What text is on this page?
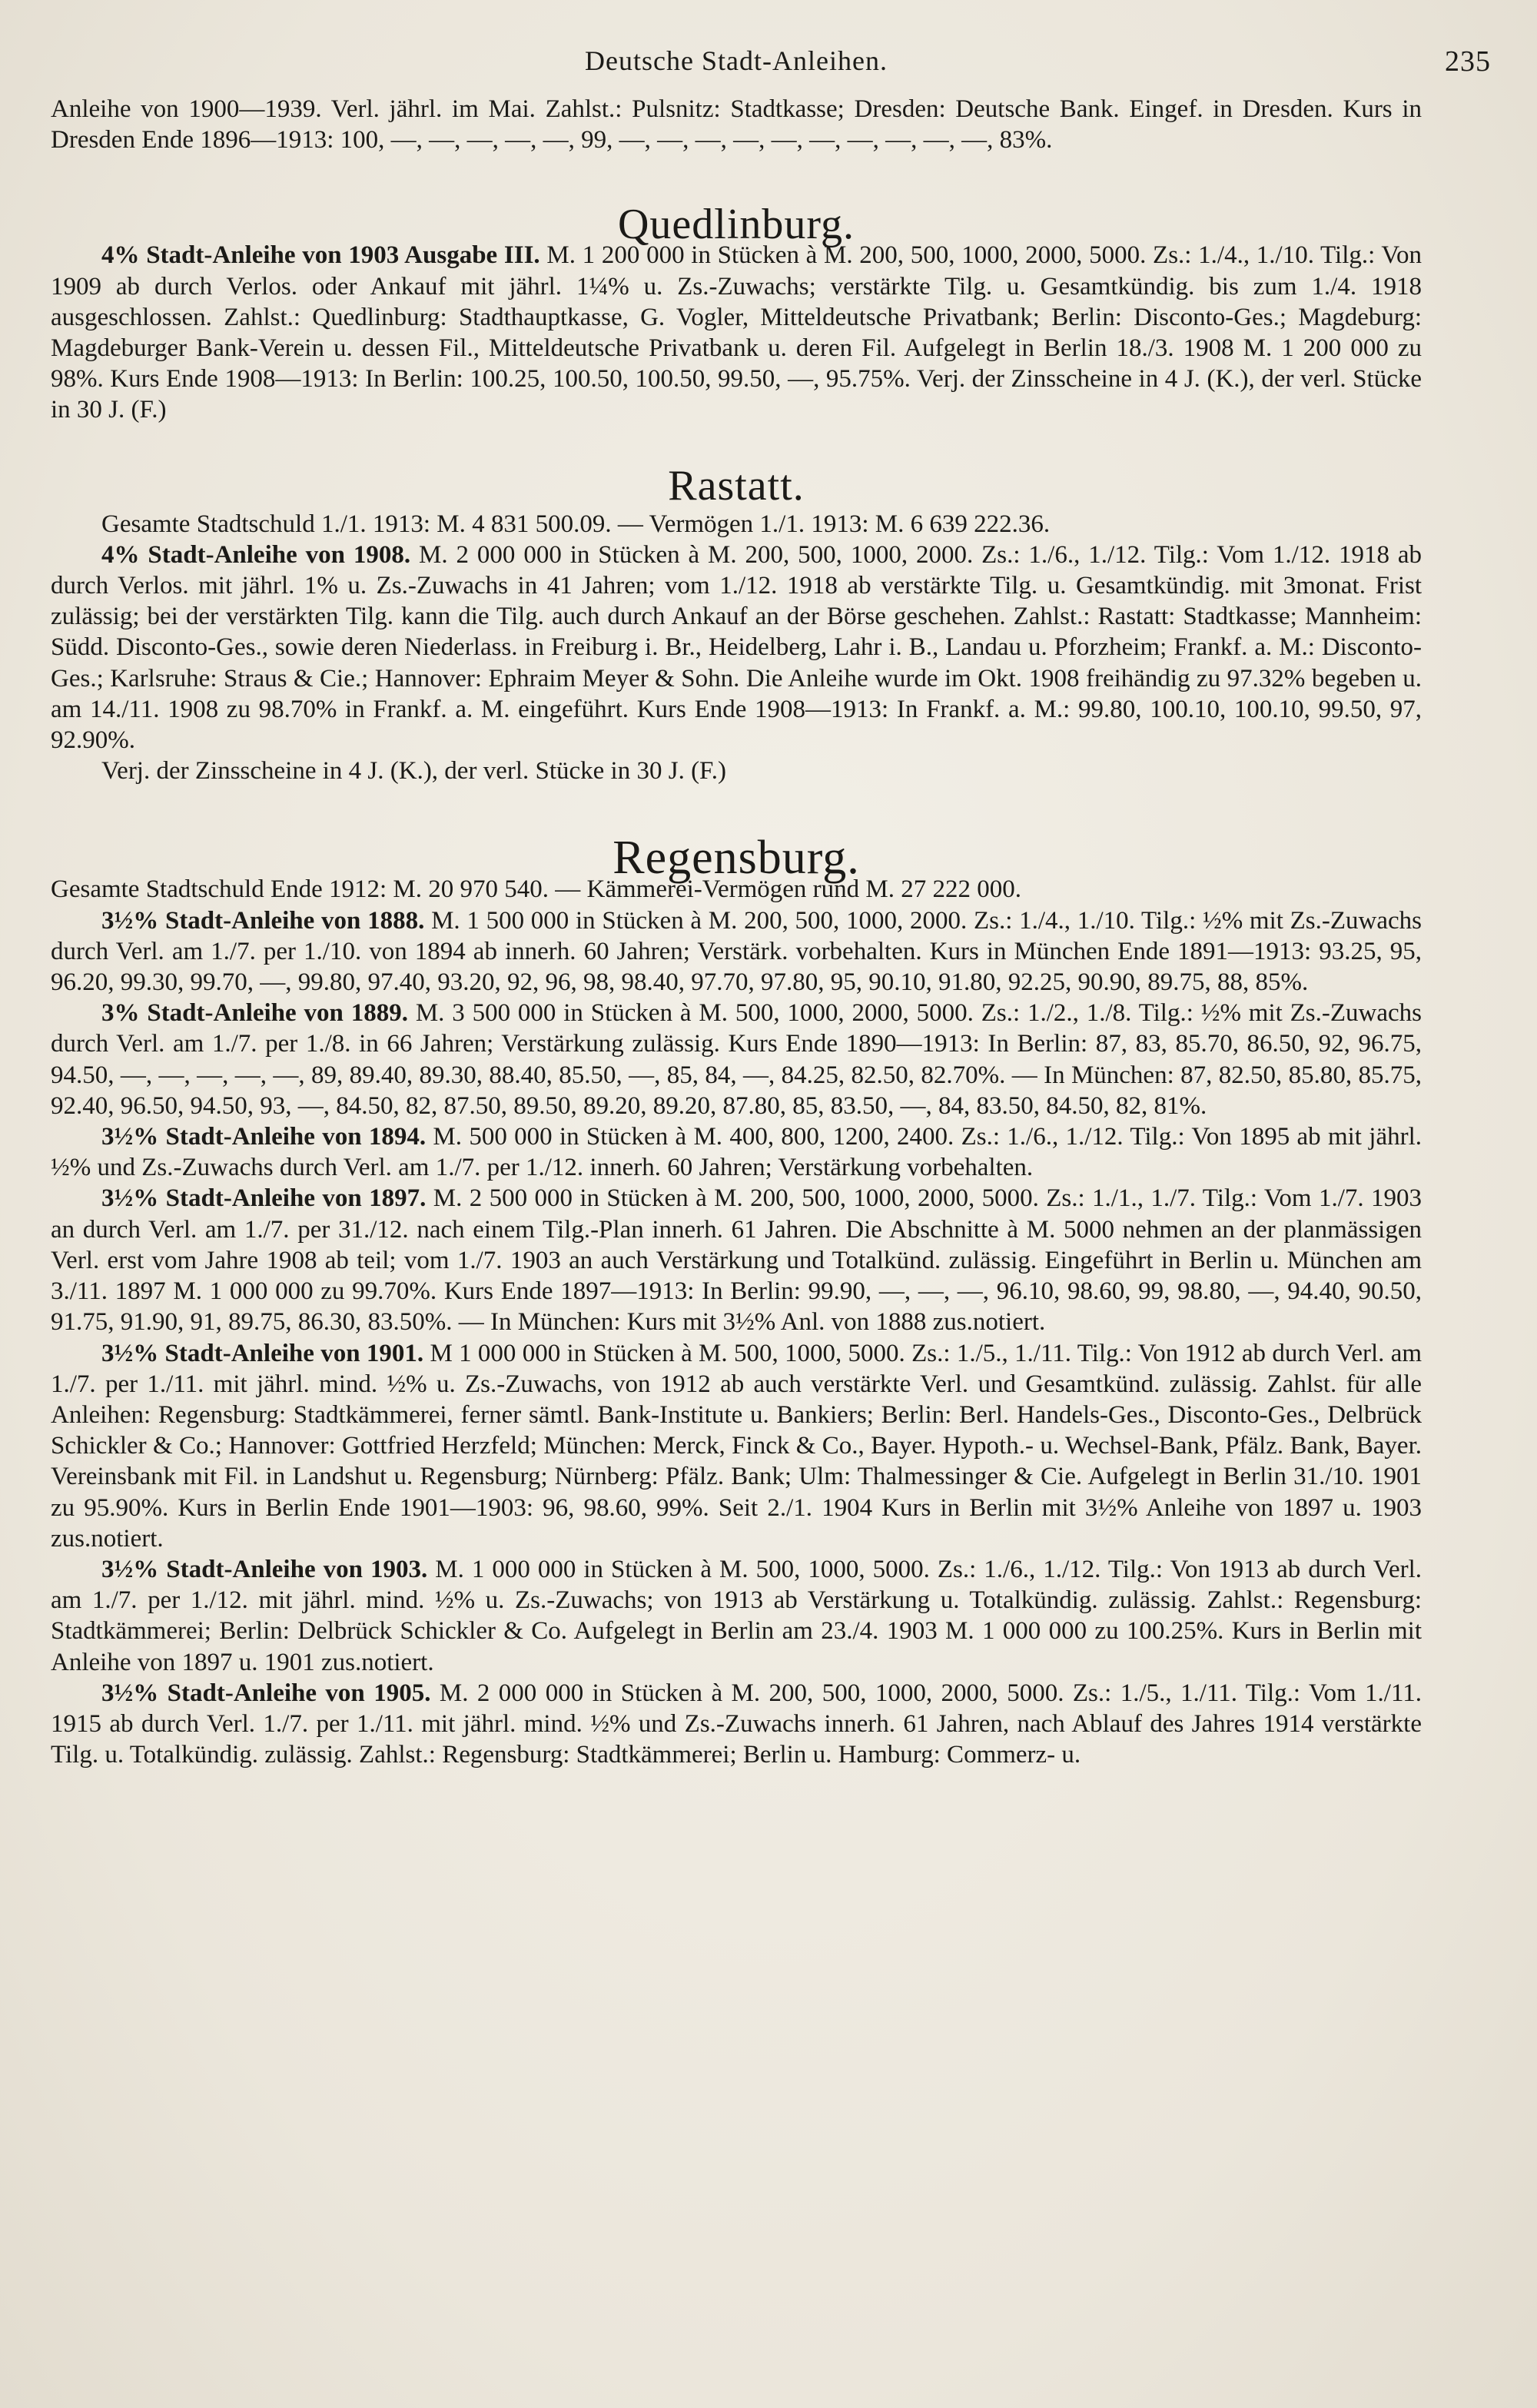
Deutsche Stadt-Anleihen.	235

Anleihe von 1900—1939. Verl. jährl. im Mai. Zahlst.: Pulsnitz: Stadtkasse; Dresden: Deutsche Bank. Eingef. in Dresden. Kurs in Dresden Ende 1896—1913: 100, —, —, —, —, —, 99, —, —, —, —, —, —, —, —, —, —, 83%.

Quedlinburg.

4% Stadt-Anleihe von 1903 Ausgabe III. M. 1 200 000 in Stücken à M. 200, 500, 1000, 2000, 5000. Zs.: 1./4., 1./10. Tilg.: Von 1909 ab durch Verlos. oder Ankauf mit jährl. 1¼% u. Zs.-Zuwachs; verstärkte Tilg. u. Gesamtkündig. bis zum 1./4. 1918 ausgeschlossen. Zahlst.: Quedlinburg: Stadthauptkasse, G. Vogler, Mitteldeutsche Privatbank; Berlin: Disconto-Ges.; Magdeburg: Magdeburger Bank-Verein u. dessen Fil., Mitteldeutsche Privatbank u. deren Fil. Aufgelegt in Berlin 18./3. 1908 M. 1 200 000 zu 98%. Kurs Ende 1908—1913: In Berlin: 100.25, 100.50, 100.50, 99.50, —, 95.75%. Verj. der Zinsscheine in 4 J. (K.), der verl. Stücke in 30 J. (F.)

Rastatt.

Gesamte Stadtschuld 1./1. 1913: M. 4 831 500.09. — Vermögen 1./1. 1913: M. 6 639 222.36.

4% Stadt-Anleihe von 1908. M. 2 000 000 in Stücken à M. 200, 500, 1000, 2000. Zs.: 1./6., 1./12. Tilg.: Vom 1./12. 1918 ab durch Verlos. mit jährl. 1% u. Zs.-Zuwachs in 41 Jahren; vom 1./12. 1918 ab verstärkte Tilg. u. Gesamtkündig. mit 3monat. Frist zulässig; bei der verstärkten Tilg. kann die Tilg. auch durch Ankauf an der Börse geschehen. Zahlst.: Rastatt: Stadtkasse; Mannheim: Südd. Disconto-Ges., sowie deren Niederlass. in Freiburg i. Br., Heidelberg, Lahr i. B., Landau u. Pforzheim; Frankf. a. M.: Disconto-Ges.; Karlsruhe: Straus & Cie.; Hannover: Ephraim Meyer & Sohn. Die Anleihe wurde im Okt. 1908 freihändig zu 97.32% begeben u. am 14./11. 1908 zu 98.70% in Frankf. a. M. eingeführt. Kurs Ende 1908—1913: In Frankf. a. M.: 99.80, 100.10, 100.10, 99.50, 97, 92.90%.

Verj. der Zinsscheine in 4 J. (K.), der verl. Stücke in 30 J. (F.)

Regensburg.

Gesamte Stadtschuld Ende 1912: M. 20 970 540. — Kämmerei-Vermögen rund M. 27 222 000.

3½% Stadt-Anleihe von 1888. M. 1 500 000 in Stücken à M. 200, 500, 1000, 2000. Zs.: 1./4., 1./10. Tilg.: ½% mit Zs.-Zuwachs durch Verl. am 1./7. per 1./10. von 1894 ab innerh. 60 Jahren; Verstärk. vorbehalten. Kurs in München Ende 1891—1913: 93.25, 95, 96.20, 99.30, 99.70, —, 99.80, 97.40, 93.20, 92, 96, 98, 98.40, 97.70, 97.80, 95, 90.10, 91.80, 92.25, 90.90, 89.75, 88, 85%.

3% Stadt-Anleihe von 1889. M. 3 500 000 in Stücken à M. 500, 1000, 2000, 5000. Zs.: 1./2., 1./8. Tilg.: ½% mit Zs.-Zuwachs durch Verl. am 1./7. per 1./8. in 66 Jahren; Verstärkung zulässig. Kurs Ende 1890—1913: In Berlin: 87, 83, 85.70, 86.50, 92, 96.75, 94.50, —, —, —, —, —, 89, 89.40, 89.30, 88.40, 85.50, —, 85, 84, —, 84.25, 82.50, 82.70%. — In München: 87, 82.50, 85.80, 85.75, 92.40, 96.50, 94.50, 93, —, 84.50, 82, 87.50, 89.50, 89.20, 89.20, 87.80, 85, 83.50, —, 84, 83.50, 84.50, 82, 81%.

3½% Stadt-Anleihe von 1894. M. 500 000 in Stücken à M. 400, 800, 1200, 2400. Zs.: 1./6., 1./12. Tilg.: Von 1895 ab mit jährl. ½% und Zs.-Zuwachs durch Verl. am 1./7. per 1./12. innerh. 60 Jahren; Verstärkung vorbehalten.

3½% Stadt-Anleihe von 1897. M. 2 500 000 in Stücken à M. 200, 500, 1000, 2000, 5000. Zs.: 1./1., 1./7. Tilg.: Vom 1./7. 1903 an durch Verl. am 1./7. per 31./12. nach einem Tilg.-Plan innerh. 61 Jahren. Die Abschnitte à M. 5000 nehmen an der planmässigen Verl. erst vom Jahre 1908 ab teil; vom 1./7. 1903 an auch Verstärkung und Totalkünd. zulässig. Eingeführt in Berlin u. München am 3./11. 1897 M. 1 000 000 zu 99.70%. Kurs Ende 1897—1913: In Berlin: 99.90, —, —, —, 96.10, 98.60, 99, 98.80, —, 94.40, 90.50, 91.75, 91.90, 91, 89.75, 86.30, 83.50%. — In München: Kurs mit 3½% Anl. von 1888 zus.notiert.

3½% Stadt-Anleihe von 1901. M 1 000 000 in Stücken à M. 500, 1000, 5000. Zs.: 1./5., 1./11. Tilg.: Von 1912 ab durch Verl. am 1./7. per 1./11. mit jährl. mind. ½% u. Zs.-Zuwachs, von 1912 ab auch verstärkte Verl. und Gesamtkünd. zulässig. Zahlst. für alle Anleihen: Regensburg: Stadtkämmerei, ferner sämtl. Bank-Institute u. Bankiers; Berlin: Berl. Handels-Ges., Disconto-Ges., Delbrück Schickler & Co.; Hannover: Gottfried Herzfeld; München: Merck, Finck & Co., Bayer. Hypoth.- u. Wechsel-Bank, Pfälz. Bank, Bayer. Vereinsbank mit Fil. in Landshut u. Regensburg; Nürnberg: Pfälz. Bank; Ulm: Thalmessinger & Cie. Aufgelegt in Berlin 31./10. 1901 zu 95.90%. Kurs in Berlin Ende 1901—1903: 96, 98.60, 99%. Seit 2./1. 1904 Kurs in Berlin mit 3½% Anleihe von 1897 u. 1903 zus.notiert.

3½% Stadt-Anleihe von 1903. M. 1 000 000 in Stücken à M. 500, 1000, 5000. Zs.: 1./6., 1./12. Tilg.: Von 1913 ab durch Verl. am 1./7. per 1./12. mit jährl. mind. ½% u. Zs.-Zuwachs; von 1913 ab Verstärkung u. Totalkündig. zulässig. Zahlst.: Regensburg: Stadtkämmerei; Berlin: Delbrück Schickler & Co. Aufgelegt in Berlin am 23./4. 1903 M. 1 000 000 zu 100.25%. Kurs in Berlin mit Anleihe von 1897 u. 1901 zus.notiert.

3½% Stadt-Anleihe von 1905. M. 2 000 000 in Stücken à M. 200, 500, 1000, 2000, 5000. Zs.: 1./5., 1./11. Tilg.: Vom 1./11. 1915 ab durch Verl. 1./7. per 1./11. mit jährl. mind. ½% und Zs.-Zuwachs innerh. 61 Jahren, nach Ablauf des Jahres 1914 verstärkte Tilg. u. Totalkündig. zulässig. Zahlst.: Regensburg: Stadtkämmerei; Berlin u. Hamburg: Commerz- u.
